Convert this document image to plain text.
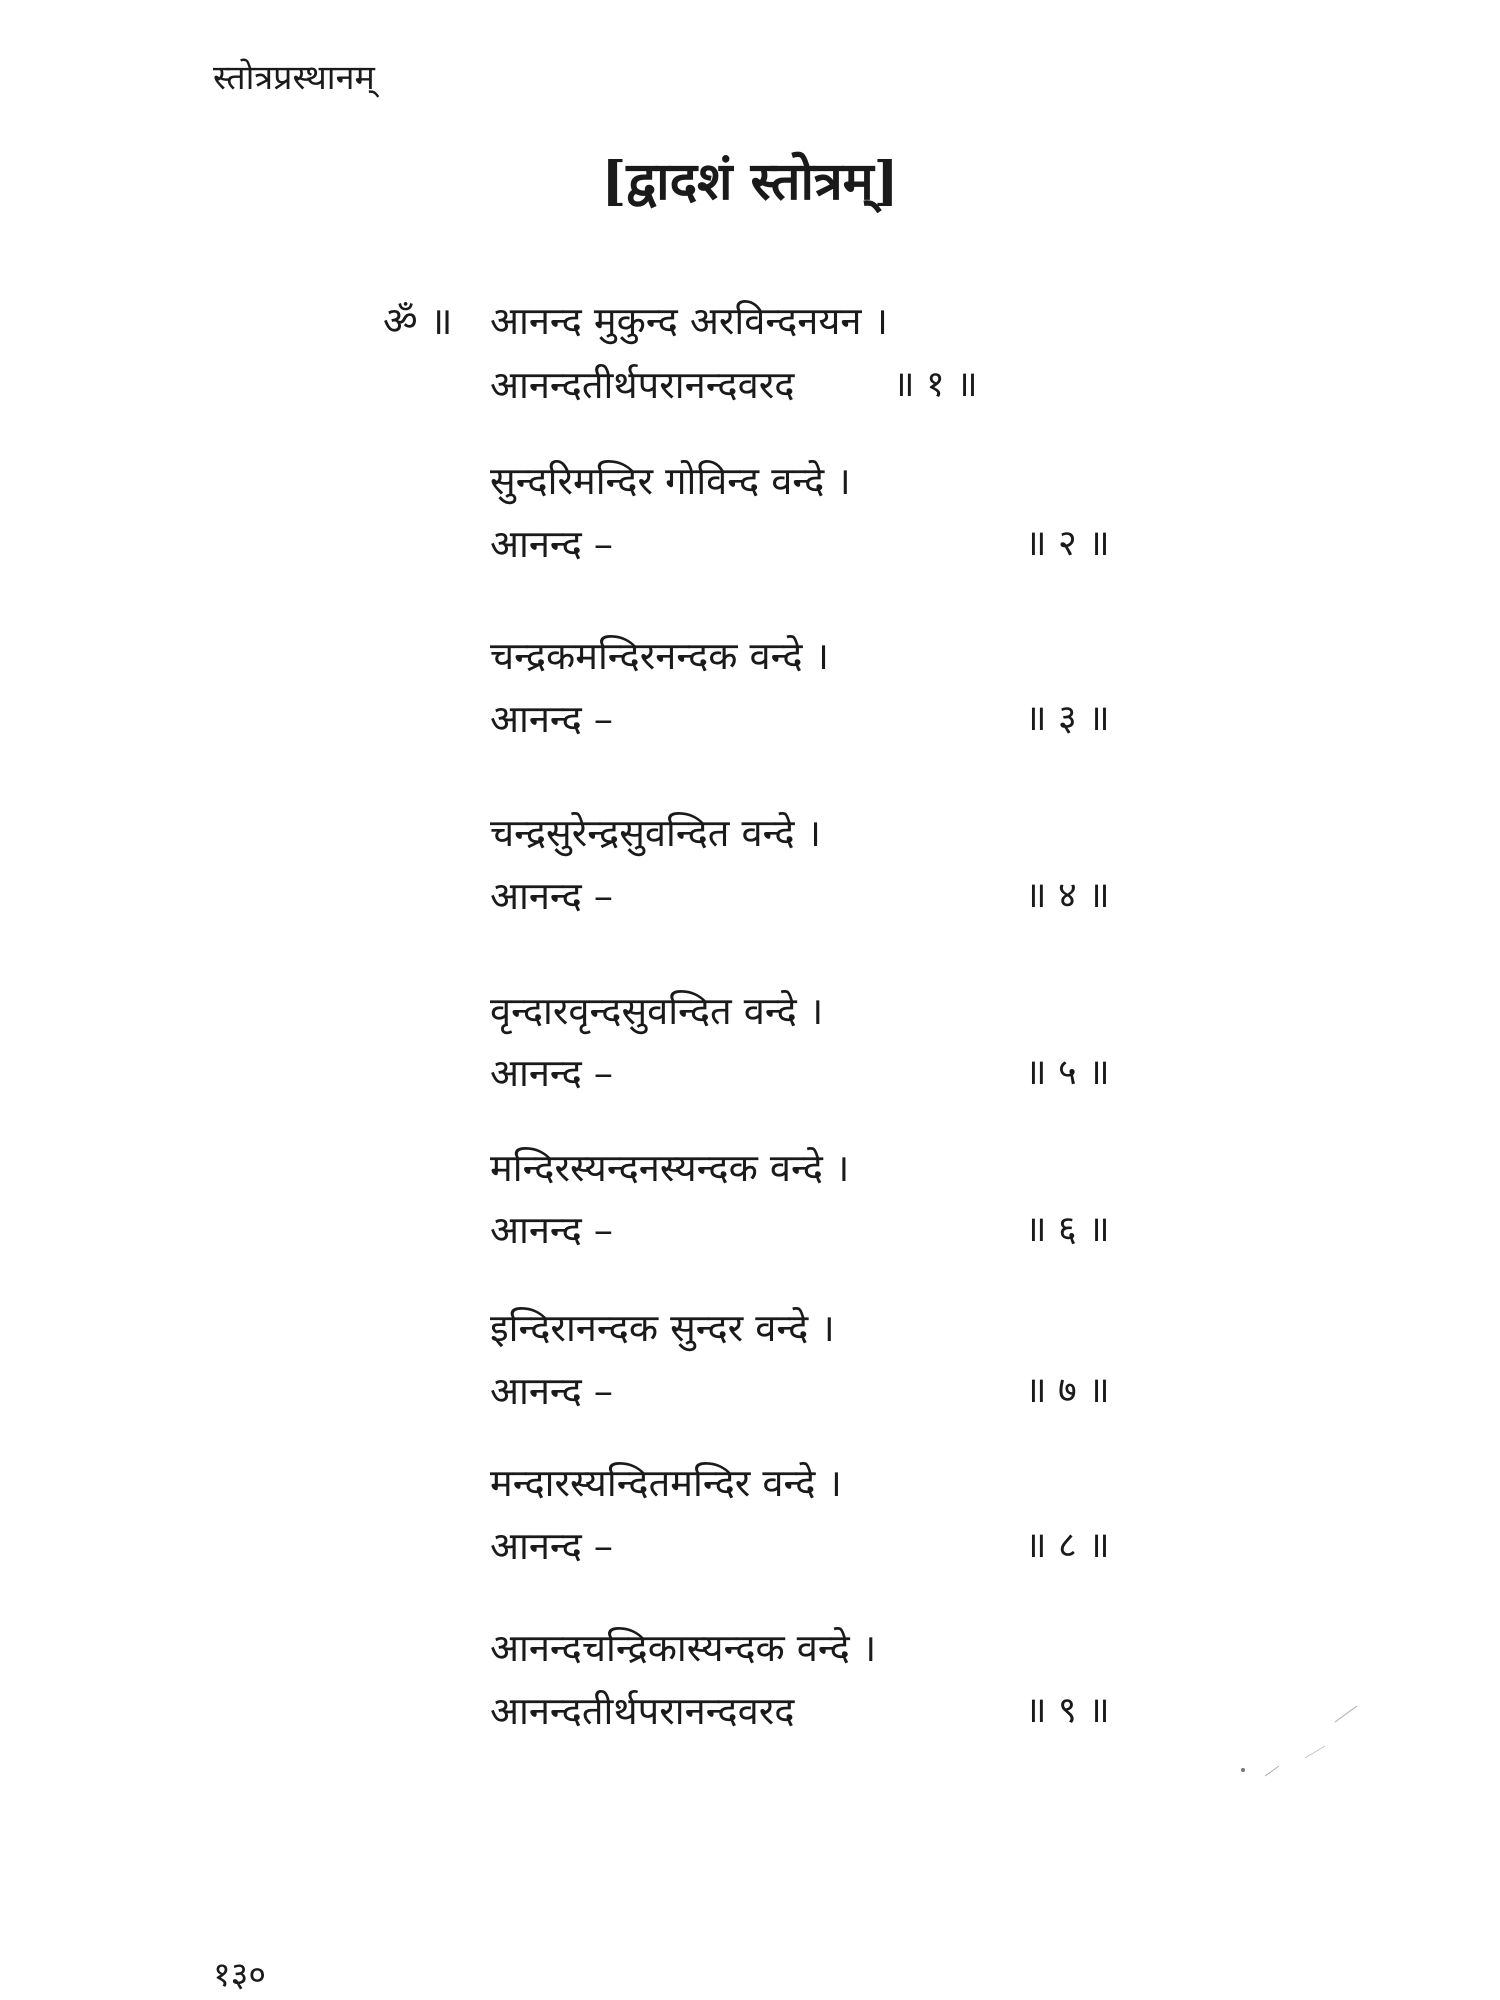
स्तोत्रप्रस्थानम्
[द्वादशं स्तोत्रम्]
ॐ ॥ आनन्द मुकुन्द अरविन्दनयन ।
आनन्दतीर्थपरानन्दवरद	॥ १ ॥
सुन्दरिमन्दिर गोविन्द वन्दे ।
आनन्द –	॥ २ ॥
चन्द्रकमन्दिरनन्दक वन्दे ।
आनन्द –	॥ ३ ॥
चन्द्रसुरेन्द्रसुवन्दित वन्दे ।
आनन्द –	॥ ४ ॥
वृन्दारवृन्दसुवन्दित वन्दे ।
आनन्द –	॥ ५ ॥
मन्दिरस्यन्दनस्यन्दक वन्दे ।
आनन्द –	॥ ६ ॥
इन्दिरानन्दक सुन्दर वन्दे ।
आनन्द –	॥ ७ ॥
मन्दारस्यन्दितमन्दिर वन्दे ।
आनन्द –	॥ ८ ॥
आनन्दचन्द्रिकास्यन्दक वन्दे ।
आनन्दतीर्थपरानन्दवरद	॥ ९ ॥
१३०
